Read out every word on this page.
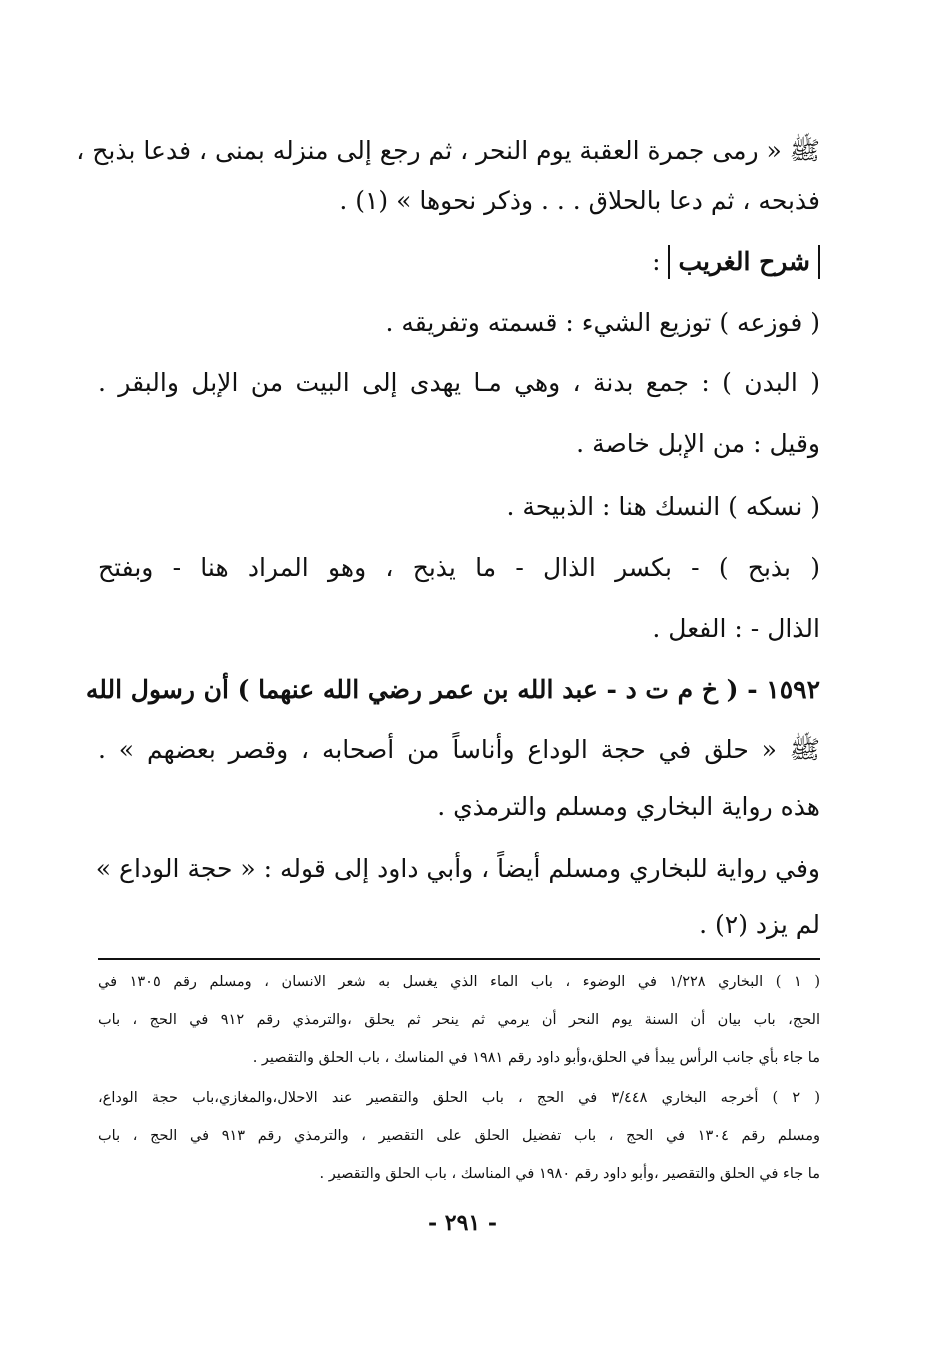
ﷺ « رمى جمرة العقبة يوم النحر ، ثم رجع إلى منزله بمنى ، فدعا بذبح ،
فذبحه ، ثم دعا بالحلاق . . . وذكر نحوها » (١) .
شرح الغريب :
( فوزعه ) توزيع الشيء : قسمته وتفريقه .
( البدن ) : جمع بدنة ، وهي مـا يهدى إلى البيت من الإبل والبقر .
وقيل : من الإبل خاصة .
( نسكه ) النسك هنا : الذبيحة .
( بذبح ) - بكسر الذال - ما يذبح ، وهو المراد هنا - وبفتح
الذال - : الفعل .
١٥٩٢ - ( خ م ت د - عبد الله بن عمر رضي الله عنهما ) أن رسول الله
ﷺ « حلق في حجة الوداع وأناساً من أصحابه ، وقصر بعضهم » .
هذه رواية البخاري ومسلم والترمذي .
وفي رواية للبخاري ومسلم أيضاً ، وأبي داود إلى قوله : « حجة الوداع »
لم يزد (٢) .
( ١ ) البخاري ١/٢٢٨ في الوضوء ، باب الماء الذي يغسل به شعر الانسان ، ومسلم رقم ١٣٠٥ في
الحج، باب بيان أن السنة يوم النحر أن يرمي ثم ينحر ثم يحلق ،والترمذي رقم ٩١٢ في الحج ، باب
ما جاء بأي جانب الرأس يبدأ في الحلق،وأبو داود رقم ١٩٨١ في المناسك ، باب الحلق والتقصير .
( ٢ ) أخرجه البخاري ٣/٤٤٨ في الحج ، باب الحلق والتقصير عند الاحلال،والمغازي،باب حجة الوداع،
ومسلم رقم ١٣٠٤ في الحج ، باب تفضيل الحلق على التقصير ، والترمذي رقم ٩١٣ في الحج ، باب
ما جاء في الحلق والتقصير ،وأبو داود رقم ١٩٨٠ في المناسك ، باب الحلق والتقصير .
- ٢٩١ -
